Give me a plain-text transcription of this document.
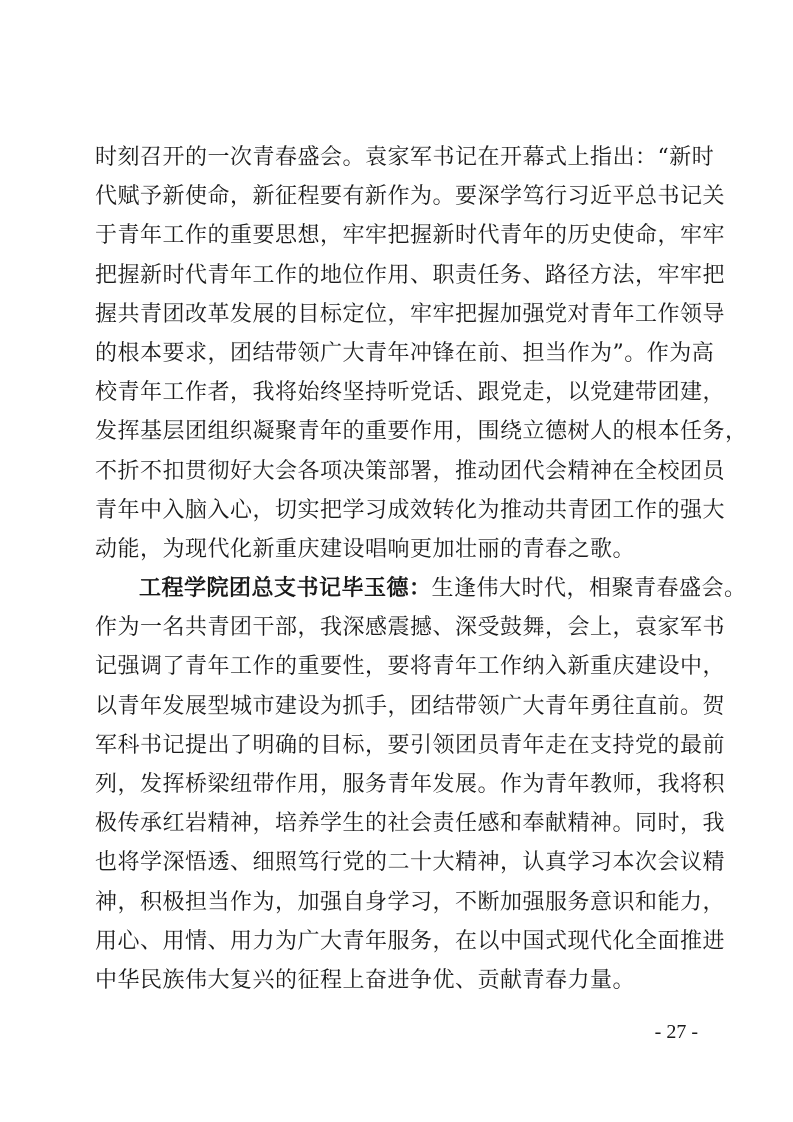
时刻召开的一次青春盛会。袁家军书记在开幕式上指出：“新时
代赋予新使命，新征程要有新作为。要深学笃行习近平总书记关
于青年工作的重要思想，牢牢把握新时代青年的历史使命，牢牢
把握新时代青年工作的地位作用、职责任务、路径方法，牢牢把
握共青团改革发展的目标定位，牢牢把握加强党对青年工作领导
的根本要求，团结带领广大青年冲锋在前、担当作为”。作为高
校青年工作者，我将始终坚持听党话、跟党走，以党建带团建，
发挥基层团组织凝聚青年的重要作用，围绕立德树人的根本任务，
不折不扣贯彻好大会各项决策部署，推动团代会精神在全校团员
青年中入脑入心，切实把学习成效转化为推动共青团工作的强大
动能，为现代化新重庆建设唱响更加壮丽的青春之歌。
工程学院团总支书记毕玉德：生逢伟大时代，相聚青春盛会。
作为一名共青团干部，我深感震撼、深受鼓舞，会上，袁家军书
记强调了青年工作的重要性，要将青年工作纳入新重庆建设中，
以青年发展型城市建设为抓手，团结带领广大青年勇往直前。贺
军科书记提出了明确的目标，要引领团员青年走在支持党的最前
列，发挥桥梁纽带作用，服务青年发展。作为青年教师，我将积
极传承红岩精神，培养学生的社会责任感和奉献精神。同时，我
也将学深悟透、细照笃行党的二十大精神，认真学习本次会议精
神，积极担当作为，加强自身学习，不断加强服务意识和能力，
用心、用情、用力为广大青年服务，在以中国式现代化全面推进
中华民族伟大复兴的征程上奋进争优、贡献青春力量。
- 27 -
